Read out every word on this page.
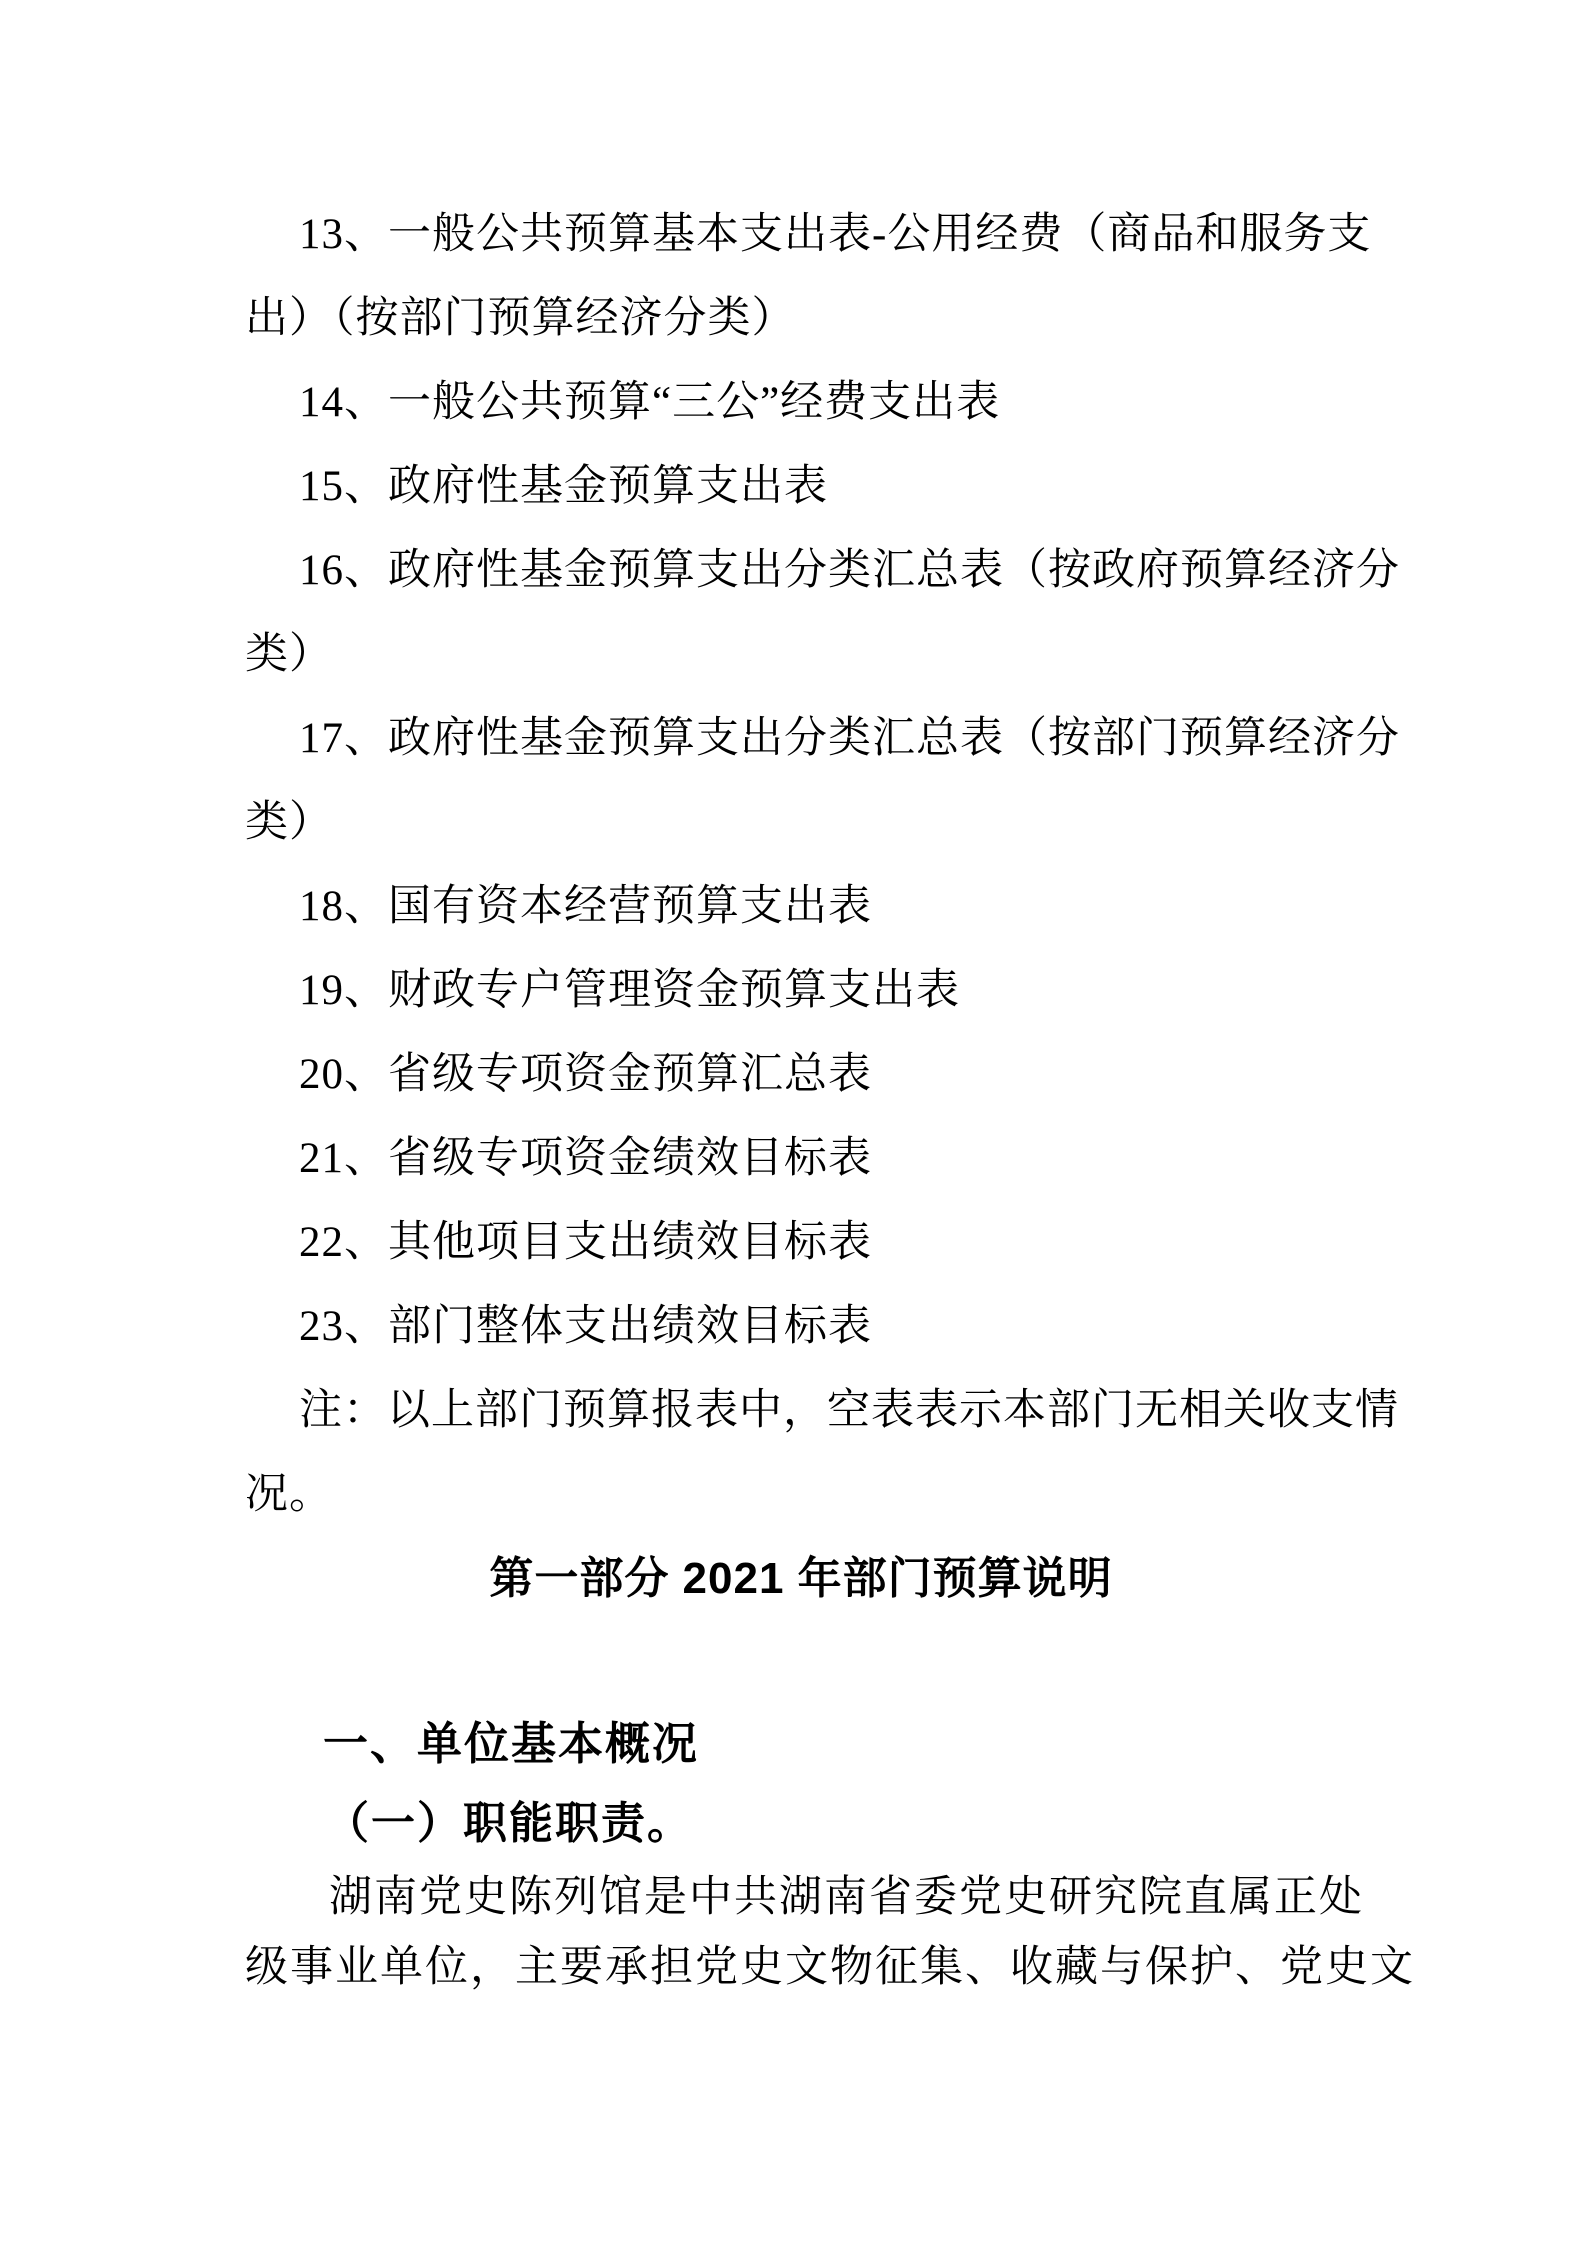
13、一般公共预算基本支出表-公用经费（商品和服务支

出）（按部门预算经济分类）

14、一般公共预算“三公”经费支出表

15、政府性基金预算支出表

16、政府性基金预算支出分类汇总表（按政府预算经济分

类）

17、政府性基金预算支出分类汇总表（按部门预算经济分

类）

18、国有资本经营预算支出表

19、财政专户管理资金预算支出表

20、省级专项资金预算汇总表

21、省级专项资金绩效目标表

22、其他项目支出绩效目标表

23、部门整体支出绩效目标表

注：以上部门预算报表中，空表表示本部门无相关收支情

况。

第一部分 2021 年部门预算说明
一、单位基本概况
（一）职能职责。

湖南党史陈列馆是中共湖南省委党史研究院直属正处

级事业单位，主要承担党史文物征集、收藏与保护、党史文
